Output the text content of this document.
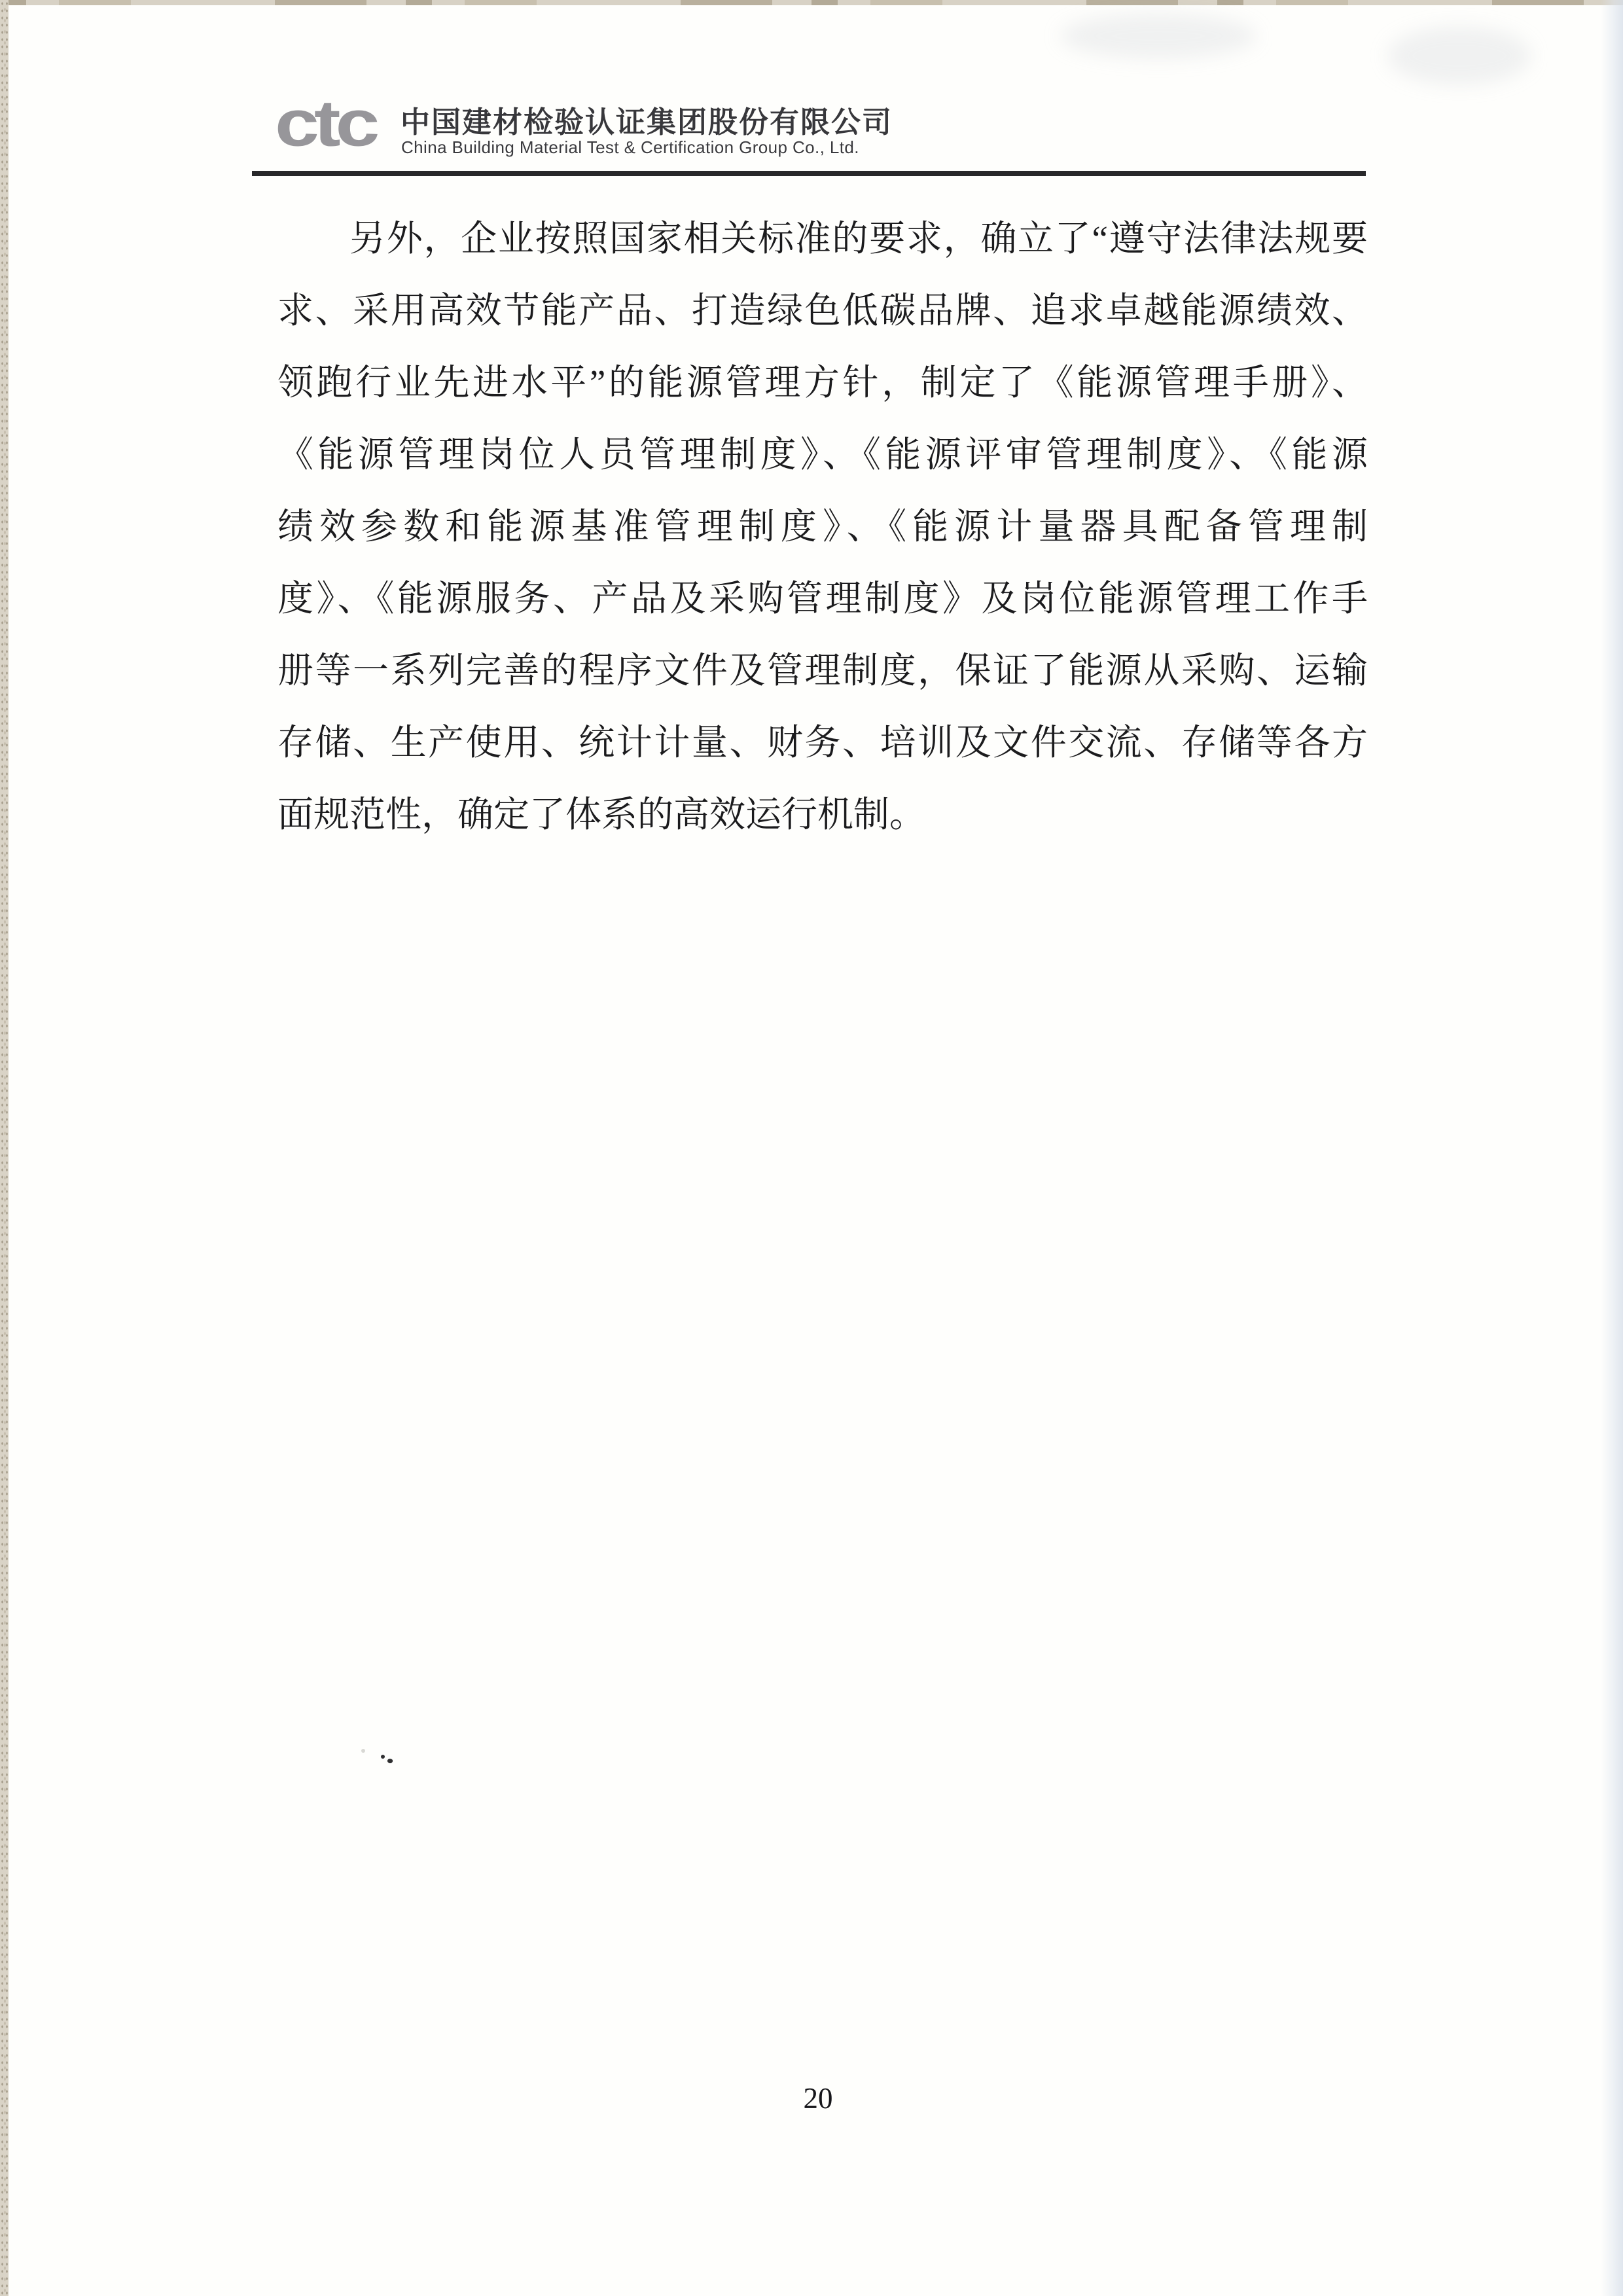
ctc 中国建材检验认证集团股份有限公司
China Building Material Test & Certification Group Co., Ltd.
另外，企业按照国家相关标准的要求，确立了“遵守法律法规要
求、采用高效节能产品、打造绿色低碳品牌、追求卓越能源绩效、
领跑行业先进水平”的能源管理方针，制定了《能源管理手册》、
《能源管理岗位人员管理制度》、《能源评审管理制度》、《能源
绩效参数和能源基准管理制度》、《能源计量器具配备管理制
度》、《能源服务、产品及采购管理制度》及岗位能源管理工作手
册等一系列完善的程序文件及管理制度，保证了能源从采购、运输
存储、生产使用、统计计量、财务、培训及文件交流、存储等各方
面规范性，确定了体系的高效运行机制。
20
